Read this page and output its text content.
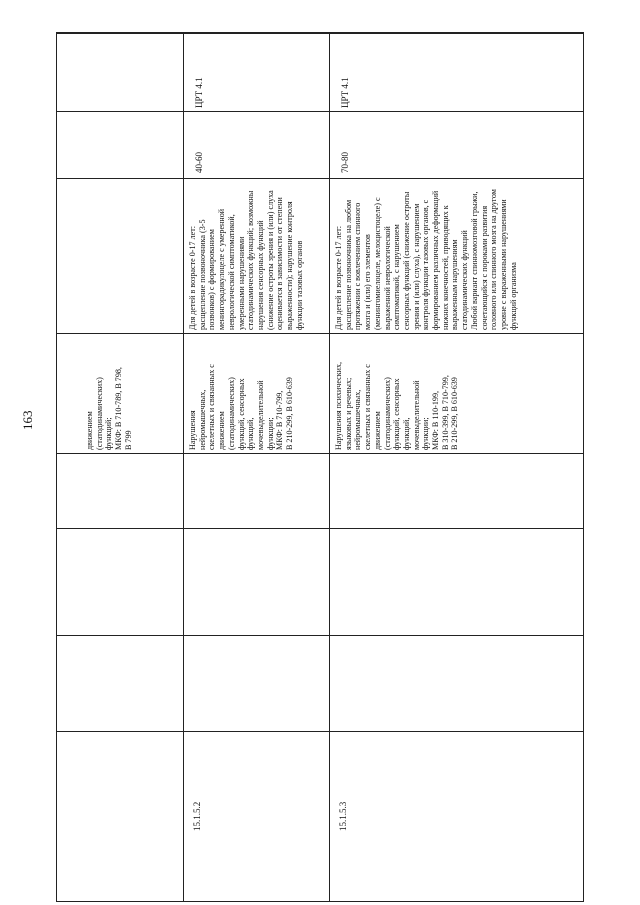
163	движением
(статодинамических)
функций;
МКФ: В 710-789, В 798,
В 799
ЦРТ 4.1
40-60
Для детей в возрасте 0-17 лет:
расщепление позвоночника (3-5
позвонков) с формированием
менингорадикулоцеле с умеренной
неврологической симптоматикой,
умеренными нарушениями
статодинамических функций; возможны
нарушения сенсорных функций
(снижение остроты зрения и (или) слуха
оценивается в зависимости от степени
выраженности); нарушение контроля
функции тазовых органов
Нарушения
нейромышечных,
скелетных и связанных с
движением
(статодинамических)
функций, сенсорных
функций,
мочевыделительной
функции;
МКФ: В 710-799,
В 210-299, В 610-639
15.1.5.2
ЦРТ 4.1
70-80
Для детей в возрасте 0-17 лет:
расщепление позвоночника на любом
протяжении с вовлечением спинного
мозга и (или) его элементов
(менингомиелоцеле, мелоцистоцеле) с
выраженной неврологической
симптоматикой, с нарушением
сенсорных функций (снижение остроты
зрения и (или) слуха), с нарушением
контроля функции тазовых органов, с
формированием различных деформаций
нижних конечностей, приводящих к
выраженным нарушениям
статодинамических функций
Любой вариант спинномозговой грыжи,
сочетающийся с пороками развития
головного или спинного мозга на другом
уровне с выраженными нарушениями
функций организма
Нарушения психических,
языковых и речевых;
нейромышечных,
скелетных и связанных с
движением
(статодинамических)
функций, сенсорных
функций,
мочевыделительной
функции;
МКФ: В 110-199,
В 310-399, В 710-799,
В 210-299, В 610-639
15.1.5.3
